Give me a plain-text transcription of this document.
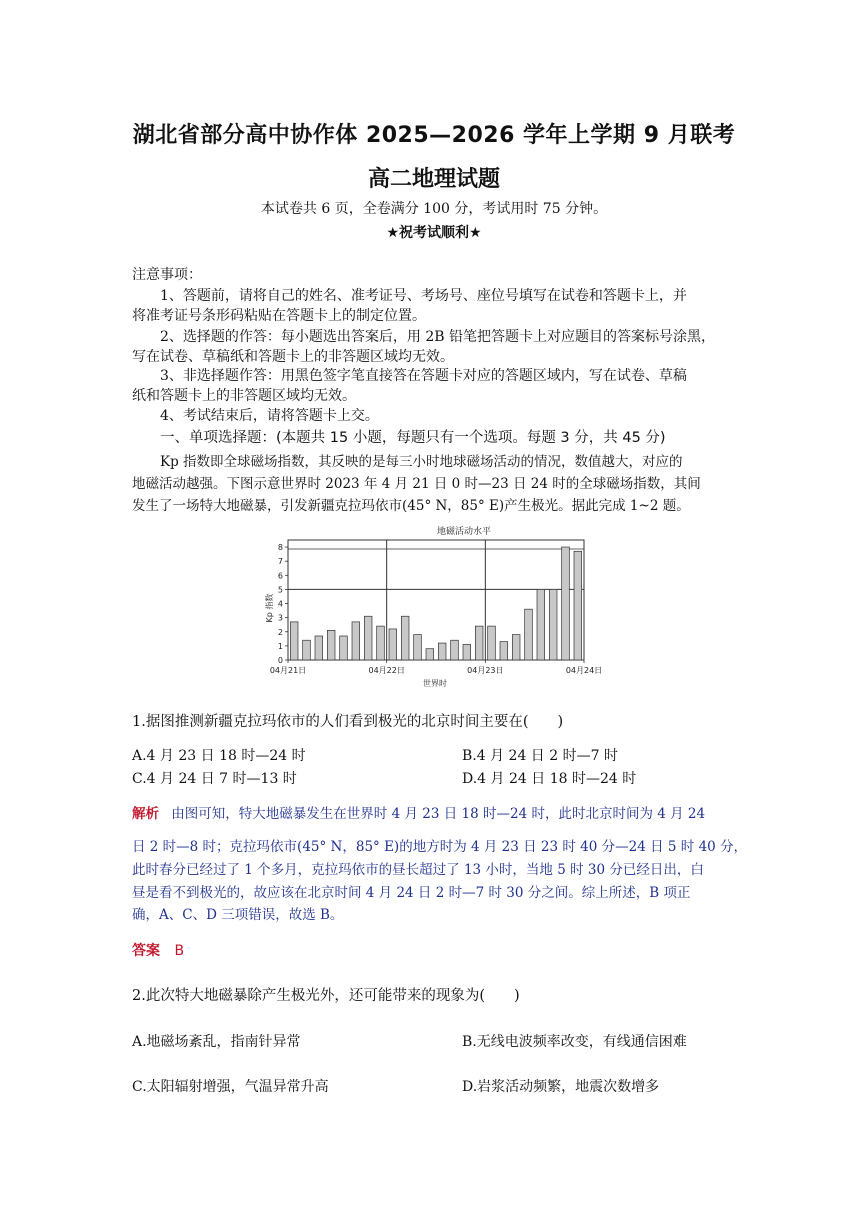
湖北省部分高中协作体 2025—2026 学年上学期 9 月联考
高二地理试题
本试卷共 6 页，全卷满分 100 分，考试用时 75 分钟。
★祝考试顺利★
注意事项：
1、答题前，请将自己的姓名、准考证号、考场号、座位号填写在试卷和答题卡上，并
将准考证号条形码粘贴在答题卡上的制定位置。
2、选择题的作答：每小题选出答案后，用 2B 铅笔把答题卡上对应题目的答案标号涂黑，
写在试卷、草稿纸和答题卡上的非答题区域均无效。
3、非选择题作答：用黑色签字笔直接答在答题卡对应的答题区域内，写在试卷、草稿
纸和答题卡上的非答题区域均无效。
4、考试结束后，请将答题卡上交。
一、单项选择题：(本题共 15 小题，每题只有一个选项。每题 3 分，共 45 分)
Kp 指数即全球磁场指数，其反映的是每三小时地球磁场活动的情况，数值越大，对应的
地磁活动越强。下图示意世界时 2023 年 4 月 21 日 0 时—23 日 24 时的全球磁场指数，其间
发生了一场特大地磁暴，引发新疆克拉玛依市(45° N，85° E)产生极光。据此完成 1~2 题。
地磁活动水平
Kp 指数
世界时
0
1
2
3
4
5
6
7
8
04月21日	04月22日	04月23日	04月24日
1.据图推测新疆克拉玛依市的人们看到极光的北京时间主要在(　　)
A.4 月 23 日 18 时—24 时	B.4 月 24 日 2 时—7 时
C.4 月 24 日 7 时—13 时	D.4 月 24 日 18 时—24 时
解析 由图可知，特大地磁暴发生在世界时 4 月 23 日 18 时—24 时，此时北京时间为 4 月 24
日 2 时—8 时；克拉玛依市(45° N，85° E)的地方时为 4 月 23 日 23 时 40 分—24 日 5 时 40 分，
此时春分已经过了 1 个多月，克拉玛依市的昼长超过了 13 小时，当地 5 时 30 分已经日出，白
昼是看不到极光的，故应该在北京时间 4 月 24 日 2 时—7 时 30 分之间。综上所述，B 项正
确，A、C、D 三项错误，故选 B。
答案 B
2.此次特大地磁暴除产生极光外，还可能带来的现象为(　　)
A.地磁场紊乱，指南针异常	B.无线电波频率改变，有线通信困难
C.太阳辐射增强，气温异常升高	D.岩浆活动频繁，地震次数增多
